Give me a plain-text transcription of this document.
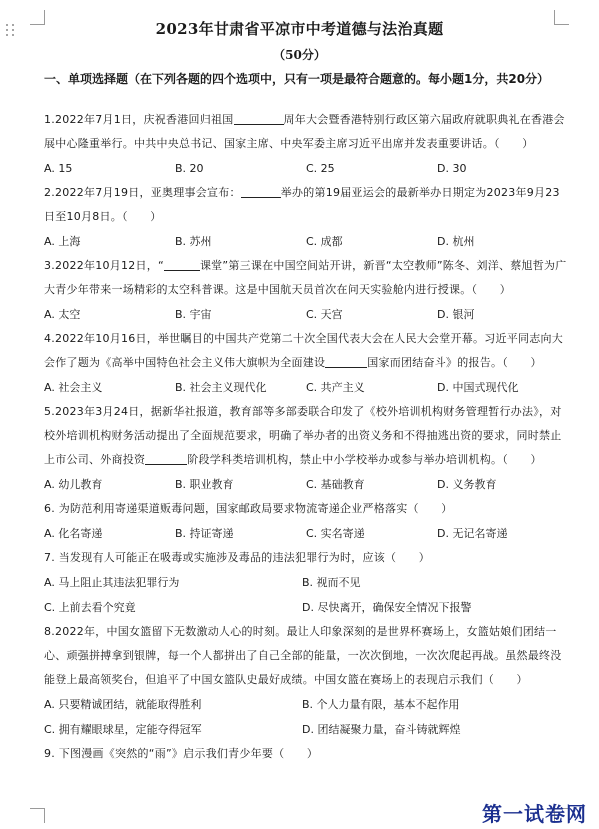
2023年甘肃省平凉市中考道德与法治真题
（50分）
一、单项选择题（在下列各题的四个选项中，只有一项是最符合题意的。每小题1分，共20分）
1.2022年7月1日，庆祝香港回归祖国	周年大会暨香港特别行政区第六届政府就职典礼在香港会展中心隆重举行。中共中央总书记、国家主席、中央军委主席习近平出席并发表重要讲话。（　　）
A. 15	B. 20	C. 25	D. 30
2.2022年7月19日，亚奥理事会宣布：	举办的第19届亚运会的最新举办日期定为2023年9月23日至10月8日。（　　）
A. 上海	B. 苏州	C. 成都	D. 杭州
3.2022年10月12日，“	课堂”第三课在中国空间站开讲，新晋“太空教师”陈冬、刘洋、蔡旭哲为广大青少年带来一场精彩的太空科普课。这是中国航天员首次在问天实验舱内进行授课。（　　）
A. 太空	B. 宇宙	C. 天宫	D. 银河
4.2022年10月16日，举世瞩目的中国共产党第二十次全国代表大会在人民大会堂开幕。习近平同志向大会作了题为《高举中国特色社会主义伟大旗帜为全面建设	国家而团结奋斗》的报告。（　　）
A. 社会主义	B. 社会主义现代化	C. 共产主义	D. 中国式现代化
5.2023年3月24日，据新华社报道，教育部等多部委联合印发了《校外培训机构财务管理暂行办法》，对校外培训机构财务活动提出了全面规范要求，明确了举办者的出资义务和不得抽逃出资的要求，同时禁止上市公司、外商投资	阶段学科类培训机构，禁止中小学校举办或参与举办培训机构。（　　）
A. 幼儿教育	B. 职业教育	C. 基础教育	D. 义务教育
6. 为防范利用寄递渠道贩毒问题，国家邮政局要求物流寄递企业严格落实（　　）
A. 化名寄递	B. 持证寄递	C. 实名寄递	D. 无记名寄递
7. 当发现有人可能正在吸毒或实施涉及毒品的违法犯罪行为时，应该（　　）
A. 马上阻止其违法犯罪行为	B. 视而不见
C. 上前去看个究竟	D. 尽快离开，确保安全情况下报警
8.2022年，中国女篮留下无数激动人心的时刻。最让人印象深刻的是世界杯赛场上，女篮姑娘们团结一心、顽强拼搏拿到银牌，每一个人都拼出了自己全部的能量，一次次倒地，一次次爬起再战。虽然最终没能登上最高领奖台，但追平了中国女篮队史最好成绩。中国女篮在赛场上的表现启示我们（　　）
A. 只要精诚团结，就能取得胜利	B. 个人力量有限，基本不起作用
C. 拥有耀眼球星，定能夺得冠军	D. 团结凝聚力量，奋斗铸就辉煌
9. 下图漫画《突然的“雨”》启示我们青少年要（　　）
第一试卷网
